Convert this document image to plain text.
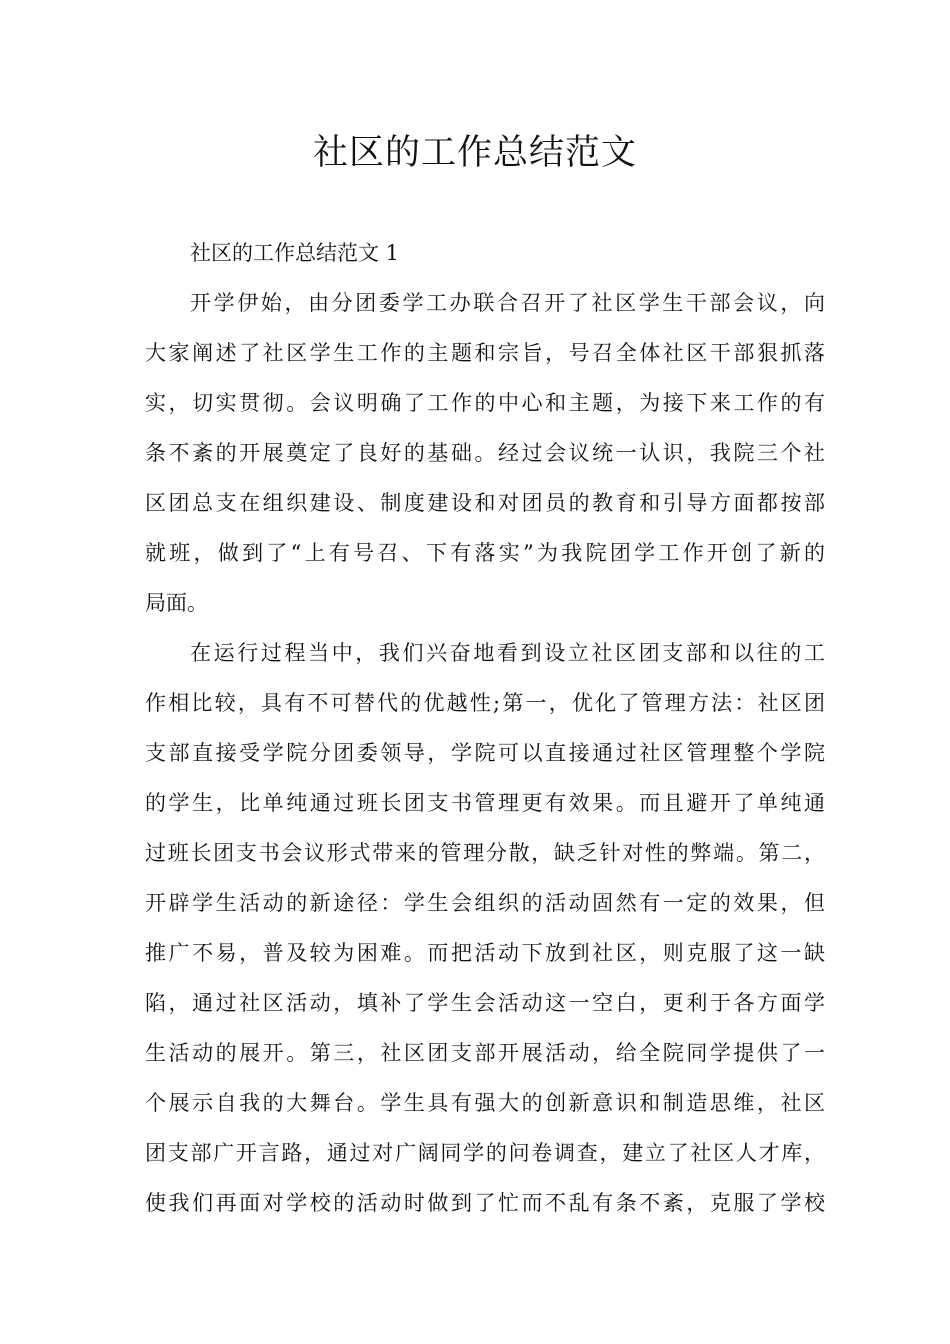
社区的工作总结范文

社区的工作总结范文 1

开学伊始，由分团委学工办联合召开了社区学生干部会议，向
大家阐述了社区学生工作的主题和宗旨，号召全体社区干部狠抓落
实，切实贯彻。会议明确了工作的中心和主题，为接下来工作的有
条不紊的开展奠定了良好的基础。经过会议统一认识，我院三个社
区团总支在组织建设、制度建设和对团员的教育和引导方面都按部
就班，做到了“上有号召、下有落实”为我院团学工作开创了新的
局面。

在运行过程当中，我们兴奋地看到设立社区团支部和以往的工
作相比较，具有不可替代的优越性;第一，优化了管理方法：社区团
支部直接受学院分团委领导，学院可以直接通过社区管理整个学院
的学生，比单纯通过班长团支书管理更有效果。而且避开了单纯通
过班长团支书会议形式带来的管理分散，缺乏针对性的弊端。第二，
开辟学生活动的新途径：学生会组织的活动固然有一定的效果，但
推广不易，普及较为困难。而把活动下放到社区，则克服了这一缺
陷，通过社区活动，填补了学生会活动这一空白，更利于各方面学
生活动的展开。第三，社区团支部开展活动，给全院同学提供了一
个展示自我的大舞台。学生具有强大的创新意识和制造思维，社区
团支部广开言路，通过对广阔同学的问卷调查，建立了社区人才库，
使我们再面对学校的活动时做到了忙而不乱有条不紊，克服了学校
